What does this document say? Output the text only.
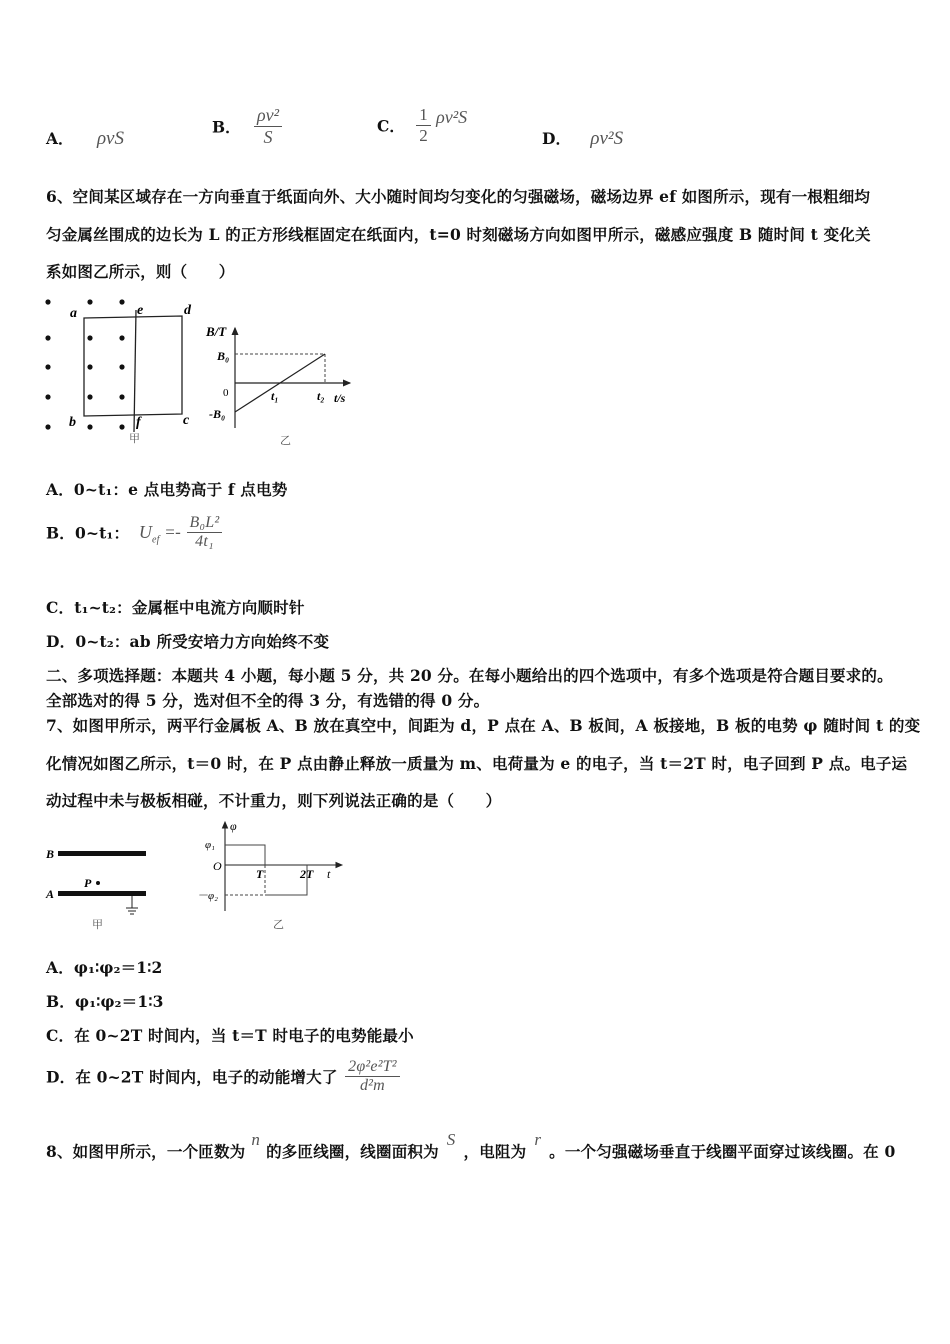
A． ρvS
B． $\frac{\text{ρv²}}{S}$	C． $\frac{1}{2} \rho v^2S$
D． ρv²S
6、空间某区域存在一方向垂直于纸面向外、大小随时间均匀变化的匀强磁场，磁场边界 ef 如图所示，现有一根粗细均
匀金属丝围成的边长为 L 的正方形线框固定在纸面内，t=0 时刻磁场方向如图甲所示，磁感应强度 B 随时间 t 变化关
系如图乙所示，则（　　）
a	e	d
b	f	c
甲
B/T
B₀
0
-B₀
t₁	t₂ t/s
乙
A．0~t₁：e 点电势高于 f 点电势
B．0~t₁： $U_{ef} =- \frac{\text{B₀L²}}{\text{4t₁}}$
C．t₁~t₂：金属框中电流方向顺时针
D．0~t₂：ab 所受安培力方向始终不变
二、多项选择题：本题共 4 小题，每小题 5 分，共 20 分。在每小题给出的四个选项中，有多个选项是符合题目要求的。
全部选对的得 5 分，选对但不全的得 3 分，有选错的得 0 分。
7、如图甲所示，两平行金属板 A、B 放在真空中，间距为 d，P 点在 A、B 板间，A 板接地，B 板的电势 φ 随时间 t 的变
化情况如图乙所示，t＝0 时，在 P 点由静止释放一质量为 m、电荷量为 e 的电子，当 t＝2T 时，电子回到 P 点。电子运
动过程中未与极板相碰，不计重力，则下列说法正确的是（　　）
B
A
P
甲
φ
φ₁
O
－φ₂
T	2T t
乙
A．φ₁∶φ₂＝1∶2
B．φ₁∶φ₂＝1∶3
C．在 0~2T 时间内，当 t＝T 时电子的电势能最小
D．在 0~2T 时间内，电子的动能增大了 $\frac{\text{2φ²e²T²}}{\text{d²m}}$
8、如图甲所示，一个匝数为n的多匝线圈，线圈面积为S，电阻为r。一个匀强磁场垂直于线圈平面穿过该线圈。在 0
